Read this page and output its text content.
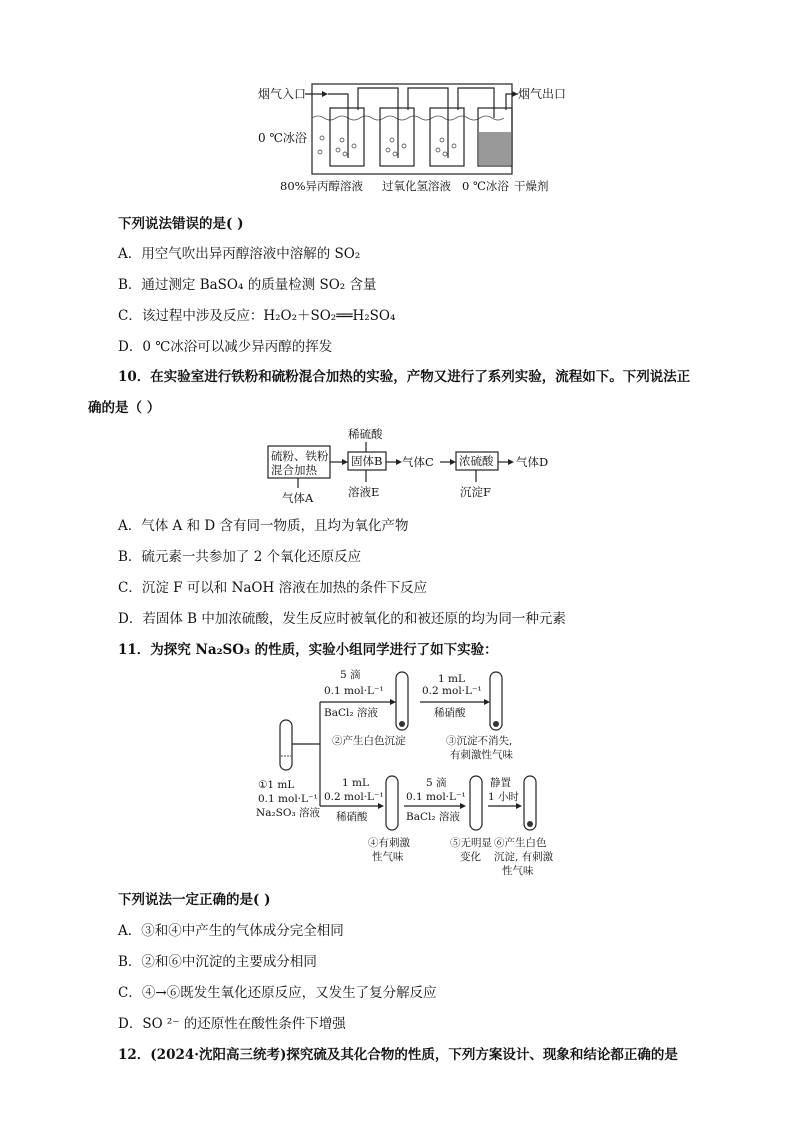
烟气入口	烟气出口
0 ℃冰浴
80%异丙醇溶液 过氧化氢溶液 0 ℃冰浴 干燥剂
下列说法错误的是( )
A．用空气吹出异丙醇溶液中溶解的 SO₂
B．通过测定 BaSO₄ 的质量检测 SO₂ 含量
C．该过程中涉及反应：H₂O₂＋SO₂══H₂SO₄
D．0 ℃冰浴可以减少异丙醇的挥发
10．在实验室进行铁粉和硫粉混合加热的实验，产物又进行了系列实验，流程如下。下列说法正
确的是（ ）
稀硫酸
硫粉、铁粉
混合加热
固体B 气体C 浓硫酸 气体D
气体A	溶液E	沉淀F
A．气体 A 和 D 含有同一物质，且均为氧化产物
B．硫元素一共参加了 2 个氧化还原反应
C．沉淀 F 可以和 NaOH 溶液在加热的条件下反应
D．若固体 B 中加浓硫酸，发生反应时被氧化的和被还原的均为同一种元素
11．为探究 Na₂SO₃ 的性质，实验小组同学进行了如下实验：
①1 mL
0.1 mol·L⁻¹
Na₂SO₃ 溶液
5 滴
0.1 mol·L⁻¹
BaCl₂ 溶液
②产生白色沉淀
1 mL
0.2 mol·L⁻¹
稀硝酸
③沉淀不消失,
有刺激性气味
1 mL
0.2 mol·L⁻¹
稀硝酸
④有刺激
性气味
5 滴
0.1 mol·L⁻¹
BaCl₂ 溶液
⑤无明显
变化
静置
1 小时
⑥产生白色
沉淀, 有刺激
性气味
下列说法一定正确的是( )
A．③和④中产生的气体成分完全相同
B．②和⑥中沉淀的主要成分相同
C．④→⑥既发生氧化还原反应，又发生了复分解反应
D．SO ²⁻ 的还原性在酸性条件下增强
12．(2024·沈阳高三统考)探究硫及其化合物的性质，下列方案设计、现象和结论都正确的是
